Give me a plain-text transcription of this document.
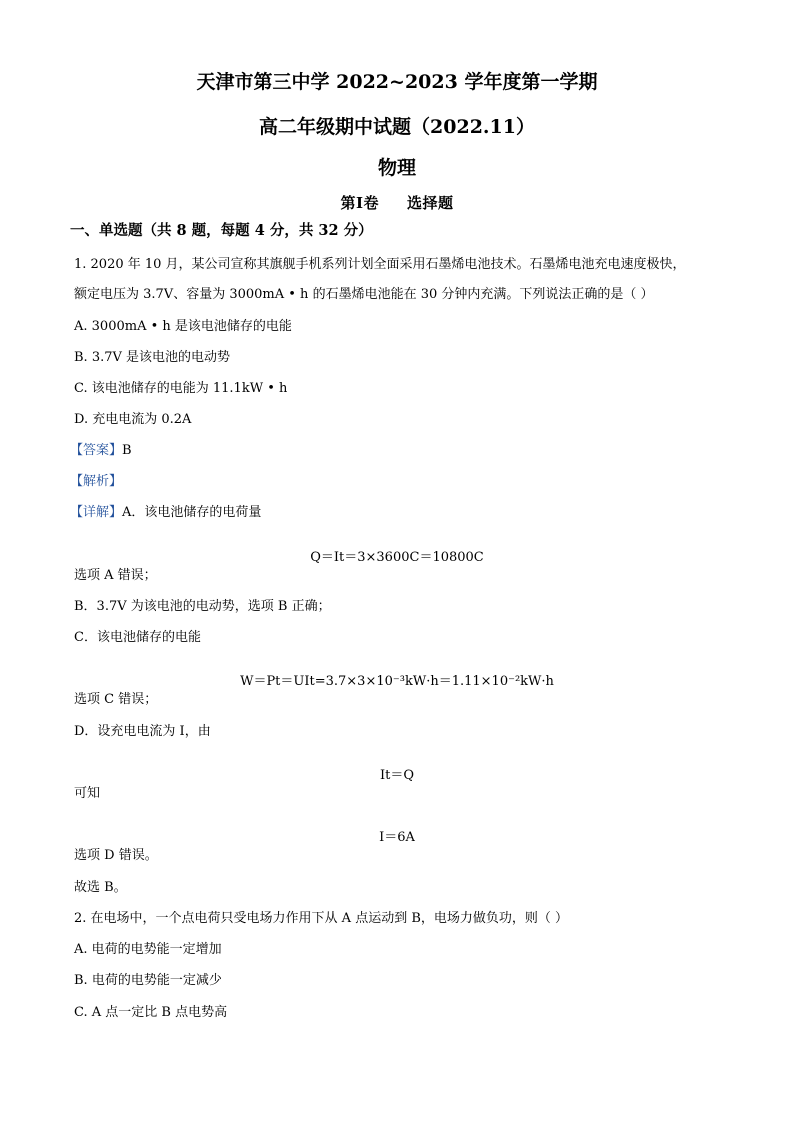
天津市第三中学 2022~2023 学年度第一学期
高二年级期中试题（2022.11）
物理
第Ⅰ卷 选择题

一、单选题（共 8 题，每题 4 分，共 32 分）

1. 2020 年 10 月，某公司宣称其旗舰手机系列计划全面采用石墨烯电池技术。石墨烯电池充电速度极快，

额定电压为 3.7V、容量为 3000mA • h 的石墨烯电池能在 30 分钟内充满。下列说法正确的是（ ）

A. 3000mA • h 是该电池储存的电能

B. 3.7V 是该电池的电动势

C. 该电池储存的电能为 11.1kW • h

D. 充电电流为 0.2A

【答案】B

【解析】

【详解】A．该电池储存的电荷量

Q＝It＝3×3600C＝10800C

选项 A 错误；

B．3.7V 为该电池的电动势，选项 B 正确；

C．该电池储存的电能

W＝Pt＝UIt=3.7×3×10⁻³kW·h＝1.11×10⁻²kW·h

选项 C 错误；

D．设充电电流为 I，由

It＝Q

可知

I＝6A

选项 D 错误。

故选 B。

2. 在电场中，一个点电荷只受电场力作用下从 A 点运动到 B，电场力做负功，则（ ）

A. 电荷的电势能一定增加

B. 电荷的电势能一定减少

C. A 点一定比 B 点电势高
